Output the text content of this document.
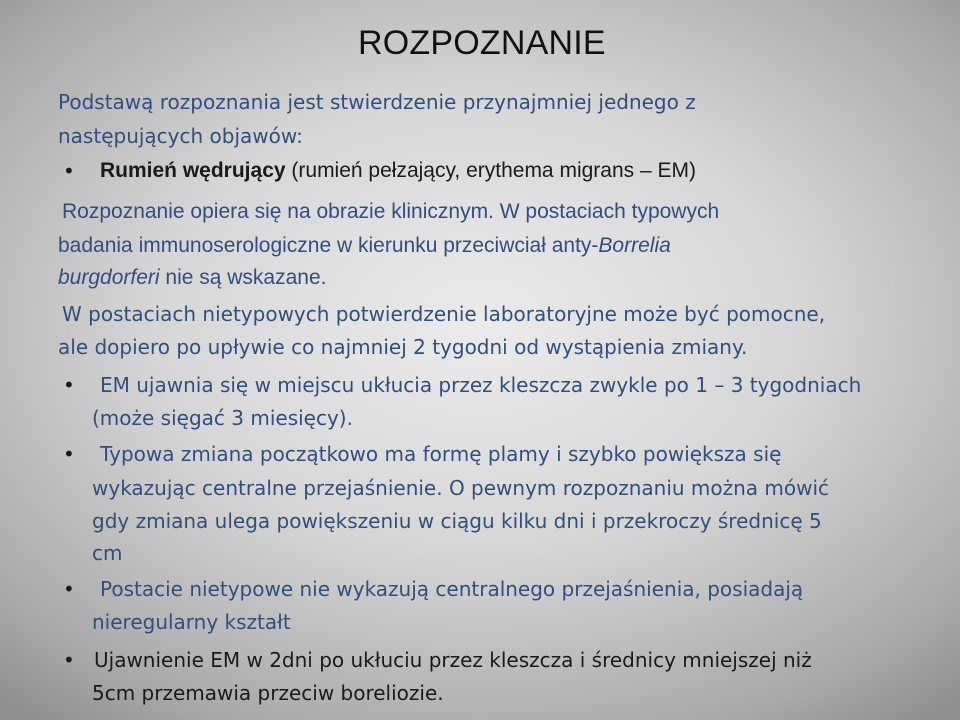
ROZPOZNANIE
Podstawą rozpoznania jest stwierdzenie przynajmniej jednego z
następujących objawów:
• Rumień wędrujący (rumień pełzający, erythema migrans – EM)
Rozpoznanie opiera się na obrazie klinicznym. W postaciach typowych
badania immunoserologiczne w kierunku przeciwciał anty-Borrelia
burgdorferi nie są wskazane.
W postaciach nietypowych potwierdzenie laboratoryjne może być pomocne,
ale dopiero po upływie co najmniej 2 tygodni od wystąpienia zmiany.
• EM ujawnia się w miejscu ukłucia przez kleszcza zwykle po 1 – 3 tygodniach
(może sięgać 3 miesięcy).
• Typowa zmiana początkowo ma formę plamy i szybko powiększa się
wykazując centralne przejaśnienie. O pewnym rozpoznaniu można mówić
gdy zmiana ulega powiększeniu w ciągu kilku dni i przekroczy średnicę 5
cm
• Postacie nietypowe nie wykazują centralnego przejaśnienia, posiadają
nieregularny kształt
• Ujawnienie EM w 2dni po ukłuciu przez kleszcza i średnicy mniejszej niż
5cm przemawia przeciw boreliozie.
